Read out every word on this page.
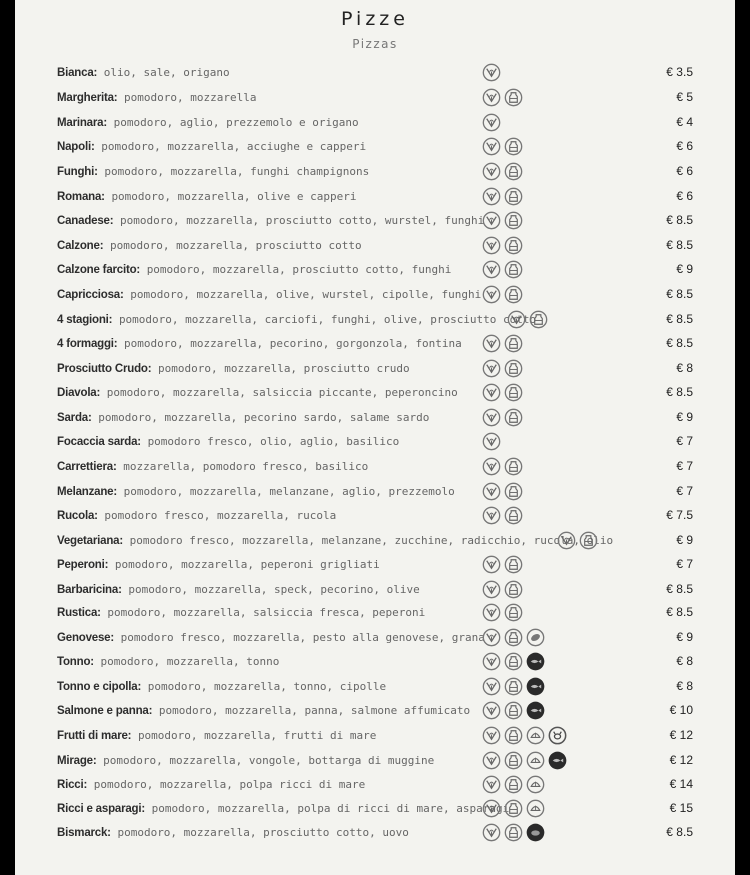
Pizze
Pizzas
Bianca: olio, sale, origano	€ 3.5
Margherita: pomodoro, mozzarella	€ 5
Marinara: pomodoro, aglio, prezzemolo e origano	€ 4
Napoli: pomodoro, mozzarella, acciughe e capperi	€ 6
Funghi: pomodoro, mozzarella, funghi champignons	€ 6
Romana: pomodoro, mozzarella, olive e capperi	€ 6
Canadese: pomodoro, mozzarella, prosciutto cotto, wurstel, funghi	€ 8.5
Calzone: pomodoro, mozzarella, prosciutto cotto	€ 8.5
Calzone farcito: pomodoro, mozzarella, prosciutto cotto, funghi	€ 9
Capricciosa: pomodoro, mozzarella, olive, wurstel, cipolle, funghi	€ 8.5
4 stagioni: pomodoro, mozzarella, carciofi, funghi, olive, prosciutto cotto	€ 8.5
4 formaggi: pomodoro, mozzarella, pecorino, gorgonzola, fontina	€ 8.5
Prosciutto Crudo: pomodoro, mozzarella, prosciutto crudo	€ 8
Diavola: pomodoro, mozzarella, salsiccia piccante, peperoncino	€ 8.5
Sarda: pomodoro, mozzarella, pecorino sardo, salame sardo	€ 9
Focaccia sarda: pomodoro fresco, olio, aglio, basilico	€ 7
Carrettiera: mozzarella, pomodoro fresco, basilico	€ 7
Melanzane: pomodoro, mozzarella, melanzane, aglio, prezzemolo	€ 7
Rucola: pomodoro fresco, mozzarella, rucola	€ 7.5
Vegetariana: pomodoro fresco, mozzarella, melanzane, zucchine, radicchio, rucola, olio	€ 9
Peperoni: pomodoro, mozzarella, peperoni grigliati	€ 7
Barbaricina: pomodoro, mozzarella, speck, pecorino, olive	€ 8.5
Rustica: pomodoro, mozzarella, salsiccia fresca, peperoni	€ 8.5
Genovese: pomodoro fresco, mozzarella, pesto alla genovese, grana	€ 9
Tonno: pomodoro, mozzarella, tonno	€ 8
Tonno e cipolla: pomodoro, mozzarella, tonno, cipolle	€ 8
Salmone e panna: pomodoro, mozzarella, panna, salmone affumicato	€ 10
Frutti di mare: pomodoro, mozzarella, frutti di mare	€ 12
Mirage: pomodoro, mozzarella, vongole, bottarga di muggine	€ 12
Ricci: pomodoro, mozzarella, polpa ricci di mare	€ 14
Ricci e asparagi: pomodoro, mozzarella, polpa di ricci di mare, asparagi	€ 15
Bismarck: pomodoro, mozzarella, prosciutto cotto, uovo	€ 8.5
